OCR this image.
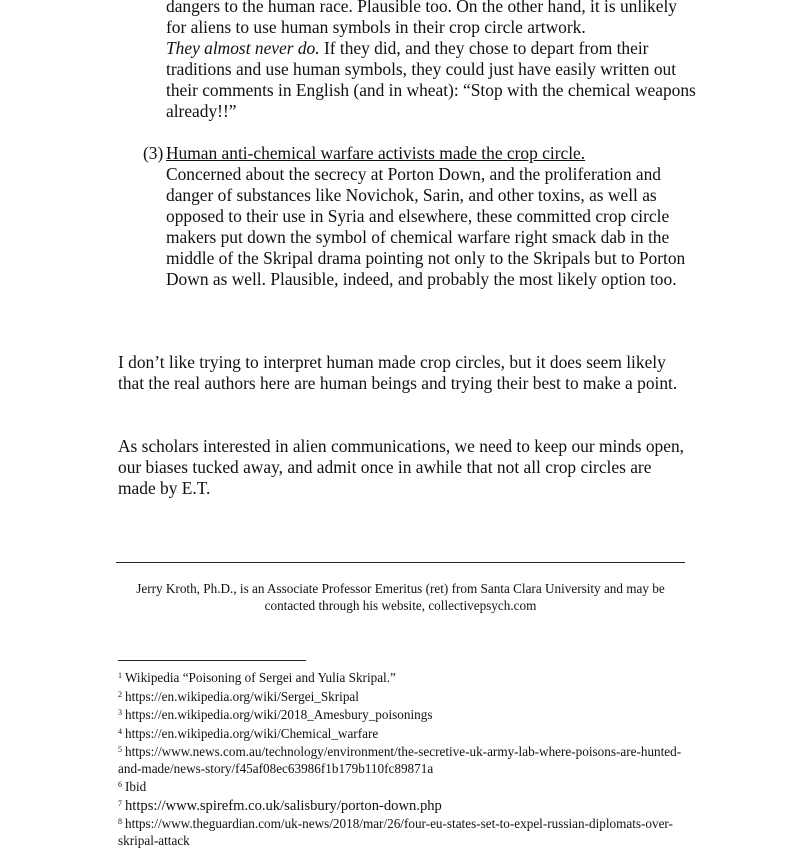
dangers to the human race. Plausible too. On the other hand, it is unlikely for aliens to use human symbols in their crop circle artwork.
They almost never do. If they did, and they chose to depart from their traditions and use human symbols, they could just have easily written out their comments in English (and in wheat): “Stop with the chemical weapons already!!”

(3) Human anti-chemical warfare activists made the crop circle.
Concerned about the secrecy at Porton Down, and the proliferation and danger of substances like Novichok, Sarin, and other toxins, as well as opposed to their use in Syria and elsewhere, these committed crop circle makers put down the symbol of chemical warfare right smack dab in the middle of the Skripal drama pointing not only to the Skripals but to Porton Down as well. Plausible, indeed, and probably the most likely option too.

I don’t like trying to interpret human made crop circles, but it does seem likely that the real authors here are human beings and trying their best to make a point.

As scholars interested in alien communications, we need to keep our minds open, our biases tucked away, and admit once in awhile that not all crop circles are made by E.T.

Jerry Kroth, Ph.D., is an Associate Professor Emeritus (ret) from Santa Clara University and may be contacted through his website, collectivepsych.com

$^1$ Wikipedia “Poisoning of Sergei and Yulia Skripal.”
$^2$ https://en.wikipedia.org/wiki/Sergei_Skripal
$^3$ https://en.wikipedia.org/wiki/2018_Amesbury_poisonings
$^4$ https://en.wikipedia.org/wiki/Chemical_warfare
$^5$ https://www.news.com.au/technology/environment/the-secretive-uk-army-lab-where-poisons-are-hunted-and-made/news-story/f45af08ec63986f1b179b110fc89871a
$^6$ Ibid
$^7$ https://www.spirefm.co.uk/salisbury/porton-down.php
$^8$ https://www.theguardian.com/uk-news/2018/mar/26/four-eu-states-set-to-expel-russian-diplomats-over-skripal-attack
